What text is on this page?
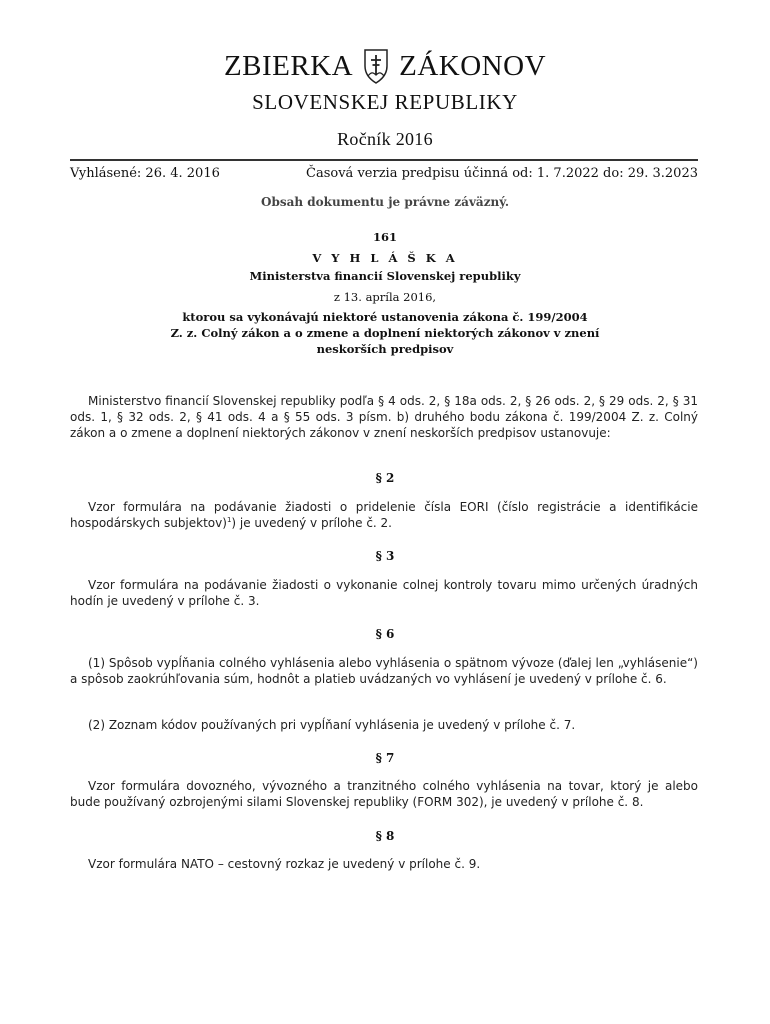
ZBIERKA ZÁKONOV
SLOVENSKEJ REPUBLIKY
Ročník 2016
Vyhlásené: 26. 4. 2016	Časová verzia predpisu účinná od: 1. 7.2022 do: 29. 3.2023
Obsah dokumentu je právne záväzný.
161
V Y H L Á Š K A
Ministerstva financií Slovenskej republiky
z 13. apríla 2016,
ktorou sa vykonávajú niektoré ustanovenia zákona č. 199/2004
Z. z. Colný zákon a o zmene a doplnení niektorých zákonov v znení
neskorších predpisov
Ministerstvo financií Slovenskej republiky podľa § 4 ods. 2, § 18a ods. 2, § 26 ods. 2, § 29 ods. 2, § 31 ods. 1, § 32 ods. 2, § 41 ods. 4 a § 55 ods. 3 písm. b) druhého bodu zákona č. 199/2004 Z. z. Colný zákon a o zmene a doplnení niektorých zákonov v znení neskorších predpisov ustanovuje:
§ 2
Vzor formulára na podávanie žiadosti o pridelenie čísla EORI (číslo registrácie a identifikácie hospodárskych subjektov)$^1$) je uvedený v prílohe č. 2.
§ 3
Vzor formulára na podávanie žiadosti o vykonanie colnej kontroly tovaru mimo určených úradných hodín je uvedený v prílohe č. 3.
§ 6
(1) Spôsob vypĺňania colného vyhlásenia alebo vyhlásenia o spätnom vývoze (ďalej len „vyhlásenie“) a spôsob zaokrúhľovania súm, hodnôt a platieb uvádzaných vo vyhlásení je uvedený v prílohe č. 6.
(2) Zoznam kódov používaných pri vypĺňaní vyhlásenia je uvedený v prílohe č. 7.
§ 7
Vzor formulára dovozného, vývozného a tranzitného colného vyhlásenia na tovar, ktorý je alebo bude používaný ozbrojenými silami Slovenskej republiky (FORM 302), je uvedený v prílohe č. 8.
§ 8
Vzor formulára NATO – cestovný rozkaz je uvedený v prílohe č. 9.
